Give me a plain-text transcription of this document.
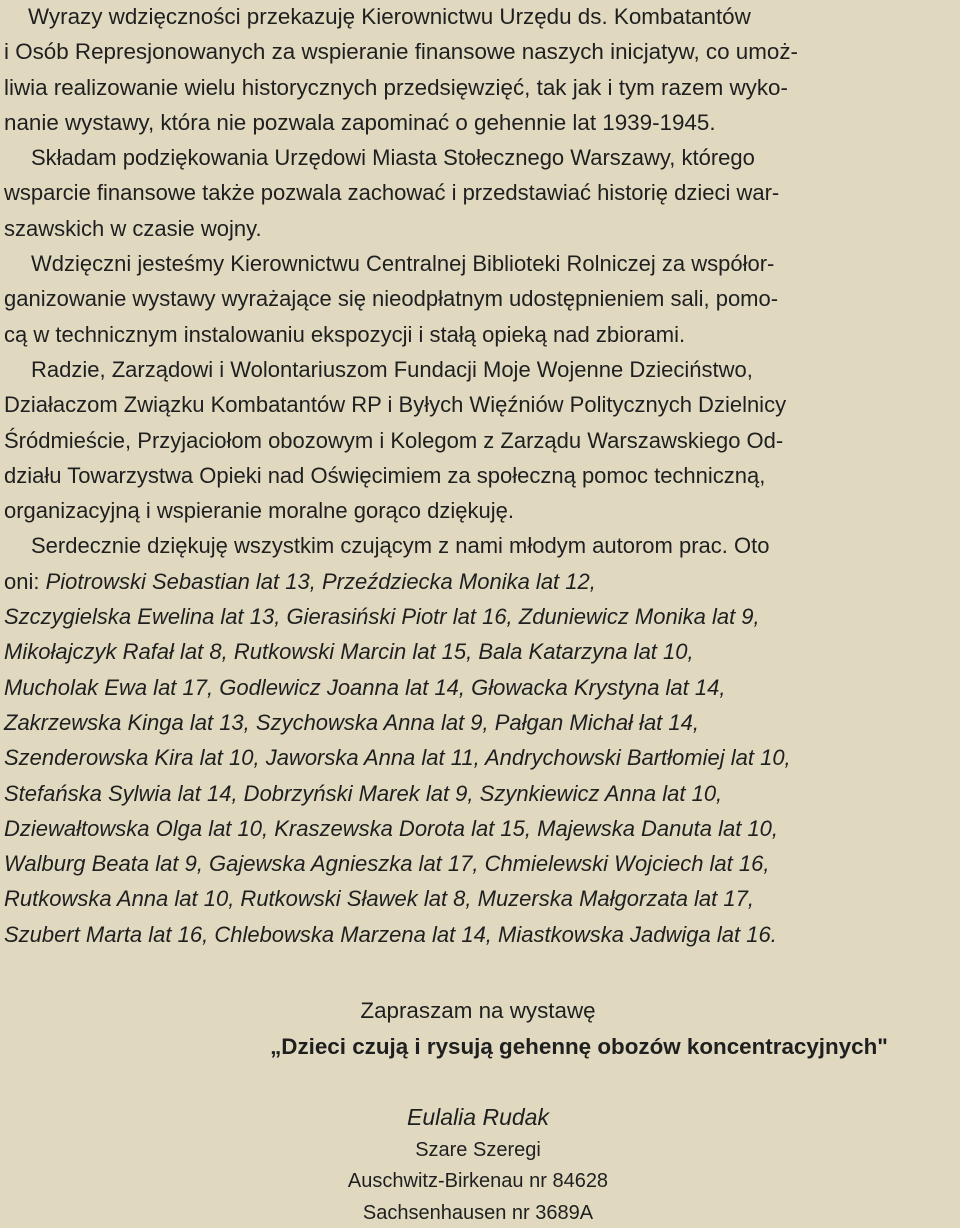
Wyrazy wdzięczności przekazuję Kierownictwu Urzędu ds. Kombatantów
i Osób Represjonowanych za wspieranie finansowe naszych inicjatyw, co umoż-
liwia realizowanie wielu historycznych przedsięwzięć, tak jak i tym razem wyko-
nanie wystawy, która nie pozwala zapominać o gehennie lat 1939-1945.

Składam podziękowania Urzędowi Miasta Stołecznego Warszawy, którego
wsparcie finansowe także pozwala zachować i przedstawiać historię dzieci war-
szawskich w czasie wojny.

Wdzięczni jesteśmy Kierownictwu Centralnej Biblioteki Rolniczej za współor-
ganizowanie wystawy wyrażające się nieodpłatnym udostępnieniem sali, pomo-
cą w technicznym instalowaniu ekspozycji i stałą opieką nad zbiorami.

Radzie, Zarządowi i Wolontariuszom Fundacji Moje Wojenne Dzieciństwo,
Działaczom Związku Kombatantów RP i Byłych Więźniów Politycznych Dzielnicy
Śródmieście, Przyjaciołom obozowym i Kolegom z Zarządu Warszawskiego Od-
działu Towarzystwa Opieki nad Oświęcimiem za społeczną pomoc techniczną,
organizacyjną i wspieranie moralne gorąco dziękuję.

Serdecznie dziękuję wszystkim czującym z nami młodym autorom prac. Oto
oni: Piotrowski Sebastian lat 13, Przeździecka Monika lat 12,

Szczygielska Ewelina lat 13, Gierasiński Piotr lat 16, Zduniewicz Monika lat 9,
Mikołajczyk Rafał lat 8, Rutkowski Marcin lat 15, Bala Katarzyna lat 10,
Mucholak Ewa lat 17, Godlewicz Joanna lat 14, Głowacka Krystyna lat 14,
Zakrzewska Kinga lat 13, Szychowska Anna lat 9, Pałgan Michał łat 14,
Szenderowska Kira lat 10, Jaworska Anna lat 11, Andrychowski Bartłomiej lat 10,
Stefańska Sylwia lat 14, Dobrzyński Marek lat 9, Szynkiewicz Anna lat 10,
Dziewałtowska Olga lat 10, Kraszewska Dorota lat 15, Majewska Danuta lat 10,
Walburg Beata lat 9, Gajewska Agnieszka lat 17, Chmielewski Wojciech lat 16,
Rutkowska Anna lat 10, Rutkowski Sławek lat 8, Muzerska Małgorzata lat 17,
Szubert Marta lat 16, Chlebowska Marzena lat 14, Miastkowska Jadwiga lat 16.
Zapraszam na wystawę
„Dzieci czują i rysują gehennę obozów koncentracyjnych"
Eulalia Rudak
Szare Szeregi
Auschwitz-Birkenau nr 84628
Sachsenhausen nr 3689A
